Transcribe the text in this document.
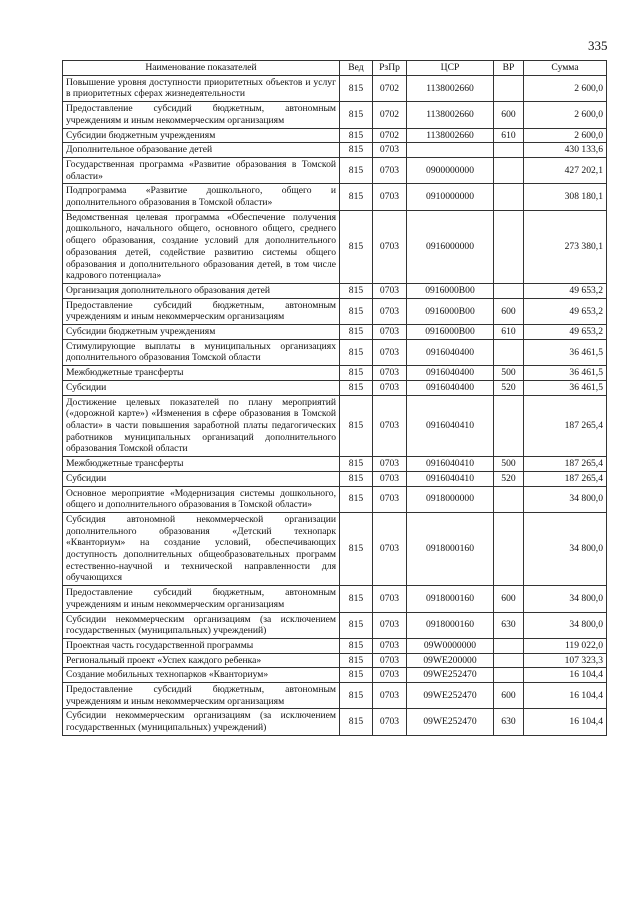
335
Наименование показателей	Вед	РзПр	ЦСР	ВР	Сумма
Повышение уровня доступности приоритетных объектов и услуг в приоритетных сферах жизнедеятельности	815	0702	1138002660		2 600,0
Предоставление субсидий бюджетным, автономным учреждениям и иным некоммерческим организациям	815	0702	1138002660	600	2 600,0
Субсидии бюджетным учреждениям	815	0702	1138002660	610	2 600,0
Дополнительное образование детей	815	0703			430 133,6
Государственная программа «Развитие образования в Томской области»	815	0703	0900000000		427 202,1
Подпрограмма «Развитие дошкольного, общего и дополнительного образования в Томской области»	815	0703	0910000000		308 180,1
Ведомственная целевая программа «Обеспечение получения дошкольного, начального общего, основного общего, среднего общего образования, создание условий для дополнительного образования детей, содействие развитию системы общего образования и дополнительного образования детей, в том числе кадрового потенциала»	815	0703	0916000000		273 380,1
Организация дополнительного образования детей	815	0703	0916000B00		49 653,2
Предоставление субсидий бюджетным, автономным учреждениям и иным некоммерческим организациям	815	0703	0916000B00	600	49 653,2
Субсидии бюджетным учреждениям	815	0703	0916000B00	610	49 653,2
Стимулирующие выплаты в муниципальных организациях дополнительного образования Томской области	815	0703	0916040400		36 461,5
Межбюджетные трансферты	815	0703	0916040400	500	36 461,5
Субсидии	815	0703	0916040400	520	36 461,5
Достижение целевых показателей по плану мероприятий («дорожной карте») «Изменения в сфере образования в Томской области» в части повышения заработной платы педагогических работников муниципальных организаций дополнительного образования Томской области	815	0703	0916040410		187 265,4
Межбюджетные трансферты	815	0703	0916040410	500	187 265,4
Субсидии	815	0703	0916040410	520	187 265,4
Основное мероприятие «Модернизация системы дошкольного, общего и дополнительного образования в Томской области»	815	0703	0918000000		34 800,0
Субсидия автономной некоммерческой организации дополнительного образования «Детский технопарк «Кванториум» на создание условий, обеспечивающих доступность дополнительных общеобразовательных программ естественно-научной и технической направленности для обучающихся	815	0703	0918000160		34 800,0
Предоставление субсидий бюджетным, автономным учреждениям и иным некоммерческим организациям	815	0703	0918000160	600	34 800,0
Субсидии некоммерческим организациям (за исключением государственных (муниципальных) учреждений)	815	0703	0918000160	630	34 800,0
Проектная часть государственной программы	815	0703	09W0000000		119 022,0
Региональный проект «Успех каждого ребенка»	815	0703	09WE200000		107 323,3
Создание мобильных технопарков «Кванториум»	815	0703	09WE252470		16 104,4
Предоставление субсидий бюджетным, автономным учреждениям и иным некоммерческим организациям	815	0703	09WE252470	600	16 104,4
Субсидии некоммерческим организациям (за исключением государственных (муниципальных) учреждений)	815	0703	09WE252470	630	16 104,4
